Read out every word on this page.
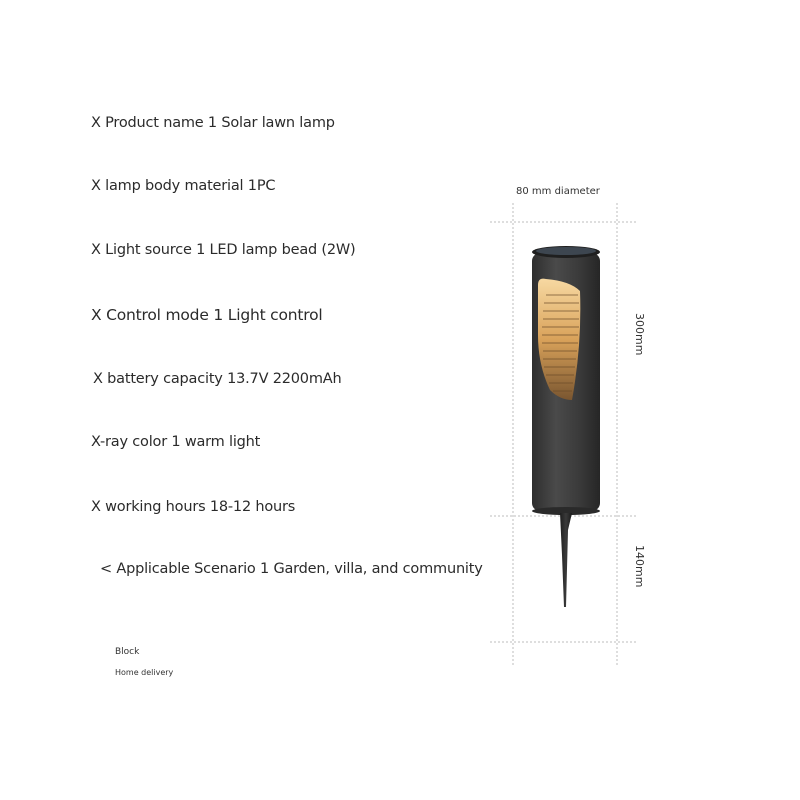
X Product name 1 Solar lawn lamp
X lamp body material 1PC
X Light source 1 LED lamp bead (2W)
X Control mode 1 Light control
X battery capacity 13.7V 2200mAh
X-ray color 1 warm light
X working hours 18-12 hours
< Applicable Scenario 1 Garden, villa, and community
Block
Home delivery
80 mm diameter
300mm
140mm
